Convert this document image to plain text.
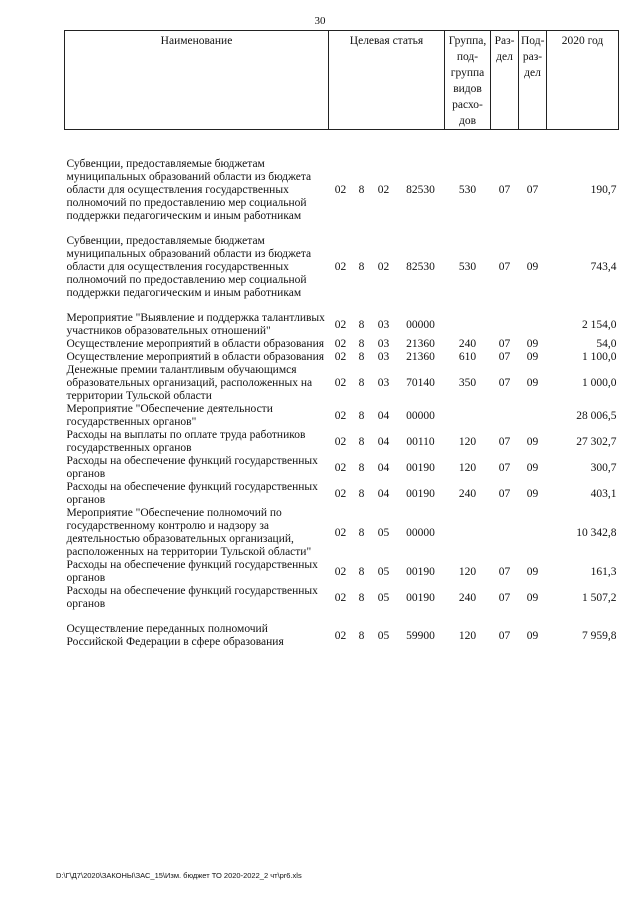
30
Наименование	Целевая статья				Группа, под-группа видов расхо-дов	Раз-дел	Под-раз-дел	2020 год

Субвенции, предоставляемые бюджетам муниципальных образований области из бюджета области для осуществления государственных полномочий по предоставлению мер социальной поддержки педагогическим и иным работникам	02	8	02	82530	530	07	07	190,7

Субвенции, предоставляемые бюджетам муниципальных образований области из бюджета области для осуществления государственных полномочий по предоставлению мер социальной поддержки педагогическим и иным работникам	02	8	02	82530	530	07	09	743,4

Мероприятие "Выявление и поддержка талантливых участников образовательных отношений"	02	8	03	00000				2 154,0
Осуществление мероприятий в области образования	02	8	03	21360	240	07	09	54,0
Осуществление мероприятий в области образования	02	8	03	21360	610	07	09	1 100,0
Денежные премии талантливым обучающимся образовательных организаций, расположенных на территории Тульской области	02	8	03	70140	350	07	09	1 000,0
Мероприятие "Обеспечение деятельности государственных органов"	02	8	04	00000				28 006,5
Расходы на выплаты по оплате труда работников государственных органов	02	8	04	00110	120	07	09	27 302,7
Расходы на обеспечение функций государственных органов	02	8	04	00190	120	07	09	300,7
Расходы на обеспечение функций государственных органов	02	8	04	00190	240	07	09	403,1
Мероприятие "Обеспечение полномочий по государственному контролю и надзору за деятельностью образовательных организаций, расположенных на территории Тульской области"	02	8	05	00000				10 342,8
Расходы на обеспечение функций государственных органов	02	8	05	00190	120	07	09	161,3
Расходы на обеспечение функций государственных органов	02	8	05	00190	240	07	09	1 507,2

Осуществление переданных полномочий Российской Федерации в сфере образования	02	8	05	59900	120	07	09	7 959,8
D:\Г\Д7\2020\ЗАКОНЫ\ЗАС_15\Изм. бюджет ТО 2020-2022_2 чт\pr6.xls
